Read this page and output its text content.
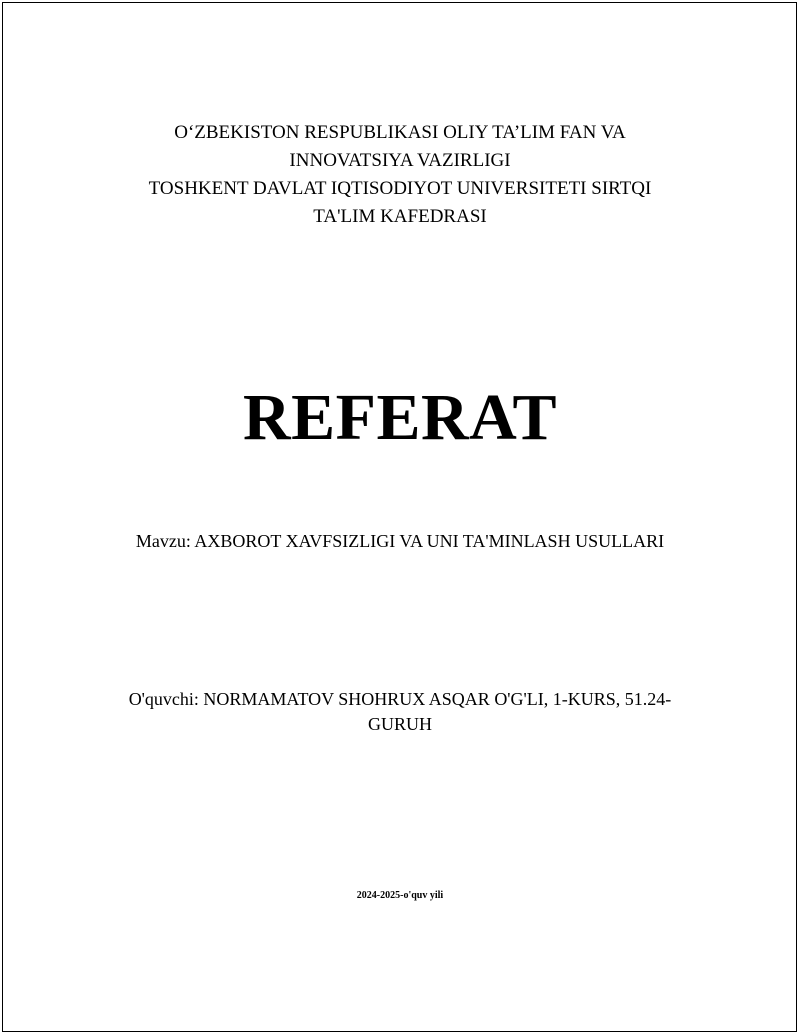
O‘ZBEKISTON RESPUBLIKASI OLIY TA’LIM FAN VA
INNOVATSIYA VAZIRLIGI
TOSHKENT DAVLAT IQTISODIYOT UNIVERSITETI SIRTQI
TA'LIM KAFEDRASI
REFERAT
Mavzu: AXBOROT XAVFSIZLIGI VA UNI TA'MINLASH USULLARI
O'quvchi: NORMAMATOV SHOHRUX ASQAR O'G'LI, 1-KURS, 51.24-
GURUH
2024-2025-o'quv yili
